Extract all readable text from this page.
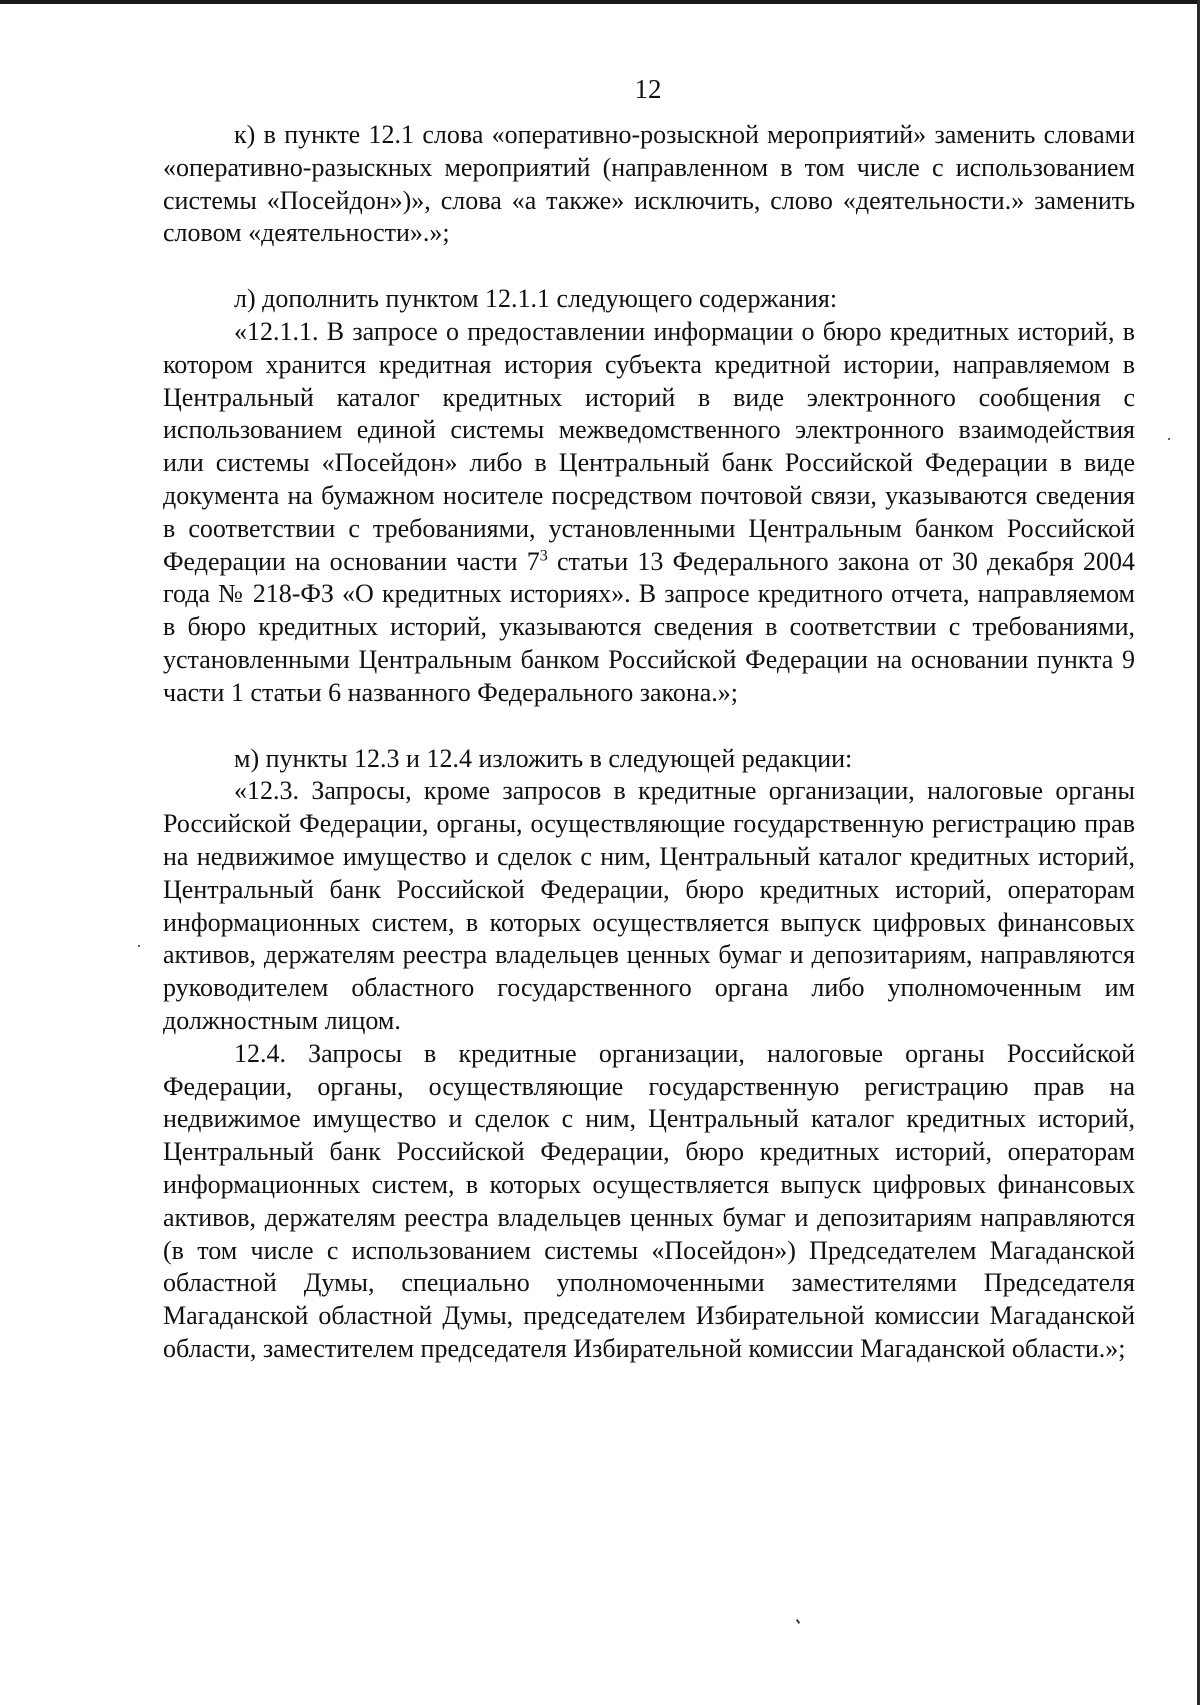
12

к) в пункте 12.1 слова «оперативно-розыскной мероприятий» заменить словами «оперативно-разыскных мероприятий (направленном в том числе с использованием системы «Посейдон»)», слова «а также» исключить, слово «деятельности.» заменить словом «деятельности».»;

л) дополнить пунктом 12.1.1 следующего содержания:

«12.1.1. В запросе о предоставлении информации о бюро кредитных историй, в котором хранится кредитная история субъекта кредитной истории, направляемом в Центральный каталог кредитных историй в виде электронного сообщения с использованием единой системы межведомственного электронного взаимодействия или системы «Посейдон» либо в Центральный банк Российской Федерации в виде документа на бумажном носителе посредством почтовой связи, указываются сведения в соответствии с требованиями, установленными Центральным банком Российской Федерации на основании части $7^3$ статьи 13 Федерального закона от 30 декабря 2004 года № 218-ФЗ «О кредитных историях». В запросе кредитного отчета, направляемом в бюро кредитных историй, указываются сведения в соответствии с требованиями, установленными Центральным банком Российской Федерации на основании пункта 9 части 1 статьи 6 названного Федерального закона.»;

м) пункты 12.3 и 12.4 изложить в следующей редакции:

«12.3. Запросы, кроме запросов в кредитные организации, налоговые органы Российской Федерации, органы, осуществляющие государственную регистрацию прав на недвижимое имущество и сделок с ним, Центральный каталог кредитных историй, Центральный банк Российской Федерации, бюро кредитных историй, операторам информационных систем, в которых осуществляется выпуск цифровых финансовых активов, держателям реестра владельцев ценных бумаг и депозитариям, направляются руководителем областного государственного органа либо уполномоченным им должностным лицом.

12.4. Запросы в кредитные организации, налоговые органы Российской Федерации, органы, осуществляющие государственную регистрацию прав на недвижимое имущество и сделок с ним, Центральный каталог кредитных историй, Центральный банк Российской Федерации, бюро кредитных историй, операторам информационных систем, в которых осуществляется выпуск цифровых финансовых активов, держателям реестра владельцев ценных бумаг и депозитариям направляются (в том числе с использованием системы «Посейдон») Председателем Магаданской областной Думы, специально уполномоченными заместителями Председателя Магаданской областной Думы, председателем Избирательной комиссии Магаданской области, заместителем председателя Избирательной комиссии Магаданской области.»;
